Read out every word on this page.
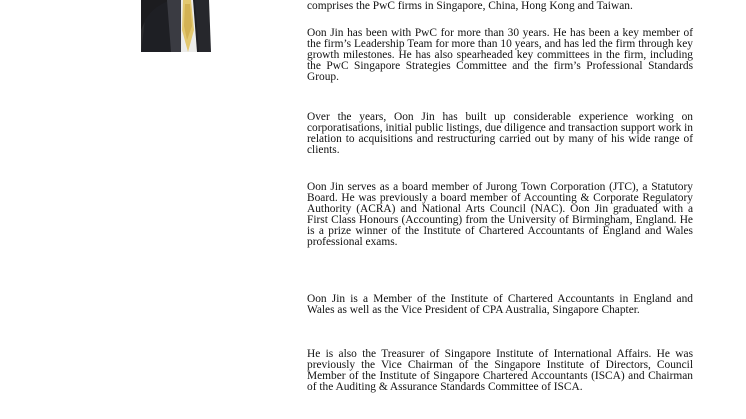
comprises the PwC firms in Singapore, China, Hong Kong and Taiwan.

Oon Jin has been with PwC for more than 30 years. He has been a key member of the firm’s Leadership Team for more than 10 years, and has led the firm through key growth milestones. He has also spearheaded key committees in the firm, including the PwC Singapore Strategies Committee and the firm’s Professional Standards Group.

Over the years, Oon Jin has built up considerable experience working on corporatisations, initial public listings, due diligence and transaction support work in relation to acquisitions and restructuring carried out by many of his wide range of clients.

Oon Jin serves as a board member of Jurong Town Corporation (JTC), a Statutory Board. He was previously a board member of Accounting & Corporate Regulatory Authority (ACRA) and National Arts Council (NAC). Oon Jin graduated with a First Class Honours (Accounting) from the University of Birmingham, England. He is a prize winner of the Institute of Chartered Accountants of England and Wales professional exams.

Oon Jin is a Member of the Institute of Chartered Accountants in England and Wales as well as the Vice President of CPA Australia, Singapore Chapter.

He is also the Treasurer of Singapore Institute of International Affairs. He was previously the Vice Chairman of the Singapore Institute of Directors, Council Member of the Institute of Singapore Chartered Accountants (ISCA) and Chairman of the Auditing & Assurance Standards Committee of ISCA.
